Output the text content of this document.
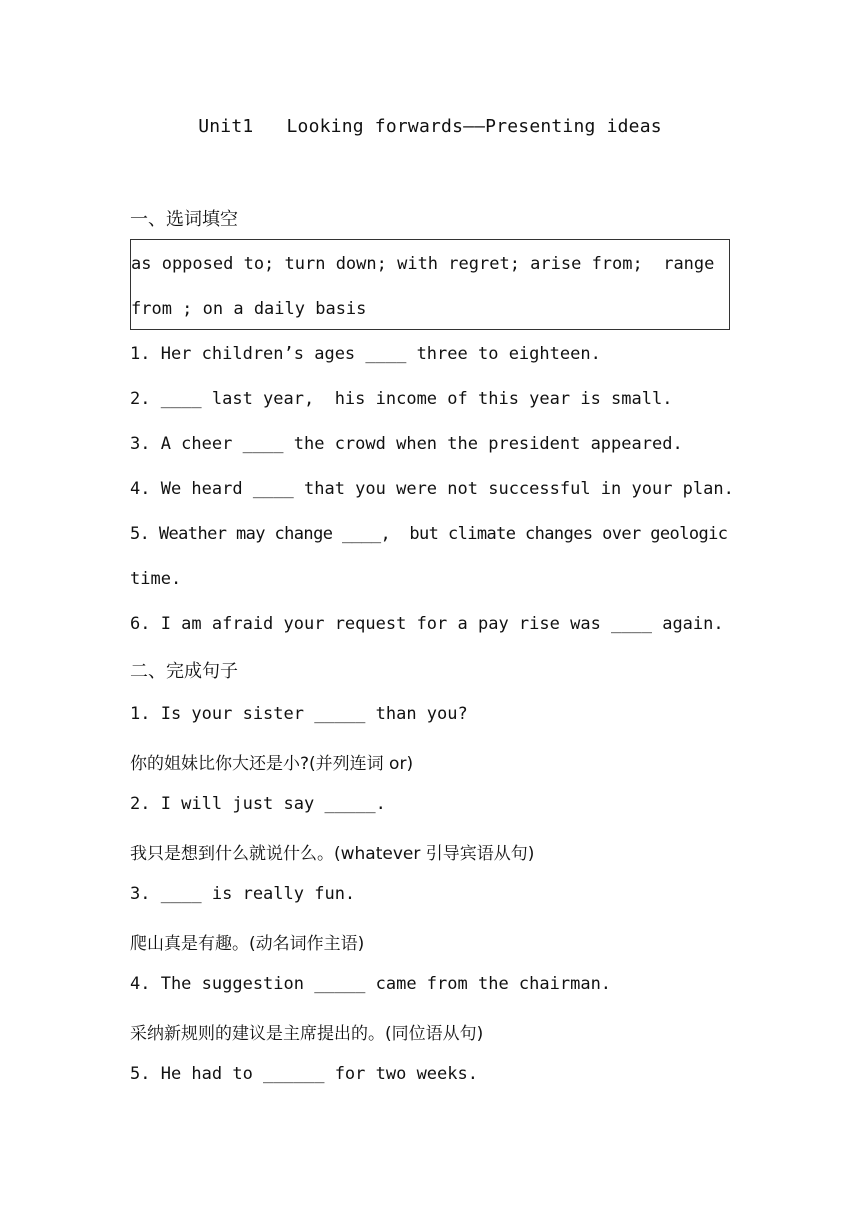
Unit1   Looking forwards——Presenting ideas
一、选词填空
as opposed to; turn down; with regret; arise from;  range
from ; on a daily basis
1. Her children’s ages ____ three to eighteen.
2. ____ last year,  his income of this year is small.
3. A cheer ____ the crowd when the president appeared.
4. We heard ____ that you were not successful in your plan.
5. Weather may change ____,  but climate changes over geologic
time.
6. I am afraid your request for a pay rise was ____ again.
二、完成句子
1. Is your sister _____ than you?
你的姐妹比你大还是小?(并列连词 or)
2. I will just say _____.
我只是想到什么就说什么。(whatever 引导宾语从句)
3. ____ is really fun.
爬山真是有趣。(动名词作主语)
4. The suggestion _____ came from the chairman.
采纳新规则的建议是主席提出的。(同位语从句)
5. He had to ______ for two weeks.
